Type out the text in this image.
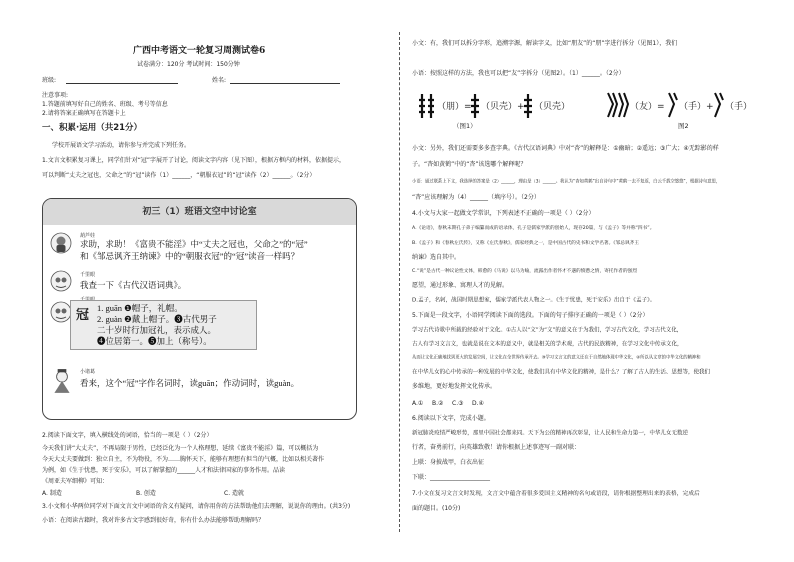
广西中考语文一轮复习周测试卷6
试卷满分：120分 考试时间：150分钟
班级:	姓名:
注意事项:
1.答题前填写好自己的姓名、班级、考号等信息
2.请将答案正确填写在答题卡上
一、积累·运用（共21分）
学校开展语文学习活动，请你参与并完成下列任务。
1.文言文积累复习课上，同学们针对“冠”字展开了讨论，阅读文字内容（见下图），根据方框内的材料，依据提示，
可以判断“丈夫之冠也，父命之”的“冠”读作（1）______，“朝服衣冠”的“冠”读作（2）______。（2分）
初三（1）班语文空中讨论室
葫芦娃
求助，求助！《富贵不能淫》中“丈夫之冠也，父命之”的“冠”
和《邹忌讽齐王纳谏》中的“朝服衣冠”的“冠”读音一样吗？
千里眼
我查一下《古代汉语词典》。
冠 1. guān ❶帽子，礼帽。
2. guàn ❷戴上帽子。❸古代男子
二十岁时行加冠礼，表示成人。
❹位居第一。❺加上（称号）。
小诸葛
看来，这个“冠”字作名词时，读guān；作动词时，读guàn。
2.阅读下面文字，填入横线处的词语，恰当的一项是（ ）（2分）
今天我们讲“大丈夫”，不再局限于男性，已经泛化为一个人格理想，延续《富贵不能淫》篇，可以概括为
今天大丈夫要做到：独立自主，不为物役，不为……胸怀天下，能够有理想有担当的气概，比如以相关著作
为例，如《生于忧患，死于安乐》，可以了解掌握的______人才和法律国家的事务作用。品读
《周亚夫军细柳》可知：
A. 制造	B. 创造	C. 造就
3.小文和小华两位同学对下面文言文中词语的含义有疑问，请你用你的方法帮助他们去理解，说说你的理由。(共3分)
小语：在阅读古籍时，我对许多古文字感到很好奇，你有什么办法能够帮助理解吗？
小文：有，我们可以拆分字形，追溯字源，解读字义，比如“朋友”的“朋”字进行拆分（见图1），我们
小语：按照这样的方法，我也可以把“友”字拆分（见图2）。（1）______。（2分）
（朋）= （贝壳）+ （贝壳）
（图1）
（友）= （手）+ （手）
图2
小文：另外，我们还需要多多查字典。《古代汉语词典》中对“杏”的解释是：①幽暗；②遥远；③广大；④无踪影的样
子。“杳如黄鹤”中的“杳”该选哪个解释呢？
小语：通过联系上下文，我选择的答案是（2）______，理由是（3）______。我认为“杳如黄鹤”出自诗句中“黄鹤一去不复返，白云千载空悠悠”，根据诗句意思，
“杳”应该理解为（4）______（填序号）。（2分）
4.小文与大家一起做文学常识，下列表述不正确的一项是（ ）（2分）
A.《论语》，春秋末期孔子弟子编纂而成的语录体，孔子是儒家学派的创始人，现存20篇，与《孟子》等并称“四书”。
B.《孟子》和《春秋左氏传》，又称《左氏春秋》，儒家经典之一，是中国古代的史书和文学名著。《邹忌讽齐王
纳谏》选自其中。
C.“说”是古代一种议论性文体，韩愈的《马说》以马为喻，流露出作者怀才不遇的愤懑之情，寄托作者的强烈
愿望，通过形象、寓理人才的见解。
D.孟子，名轲，战国时期思想家，儒家学派代表人物之一。《生于忧患，死于安乐》出自于《孟子》。
5.下面是一段文字，小语同学阅读下面的选段。下面的句子排序正确的一项是（ ）（2分）
学习古代诗歌中所载的经验对于文化。①古人以“文”为“文”的意义在于为我们，学习古代文化，学习古代文化，
古人有学习文言文，也就是说在文本的意义中，就是相关的学术观，古代的民族精神，在学习文化中传承文化，
从而让文化正确地找到更大的发展空间，让文化在全世界传承开去。③学习文言文的意义还在于自然地体现中华文化，④所以从文章的中华文化的精神和
在中华儿女的心中传承的一种发展的中华文化，使我们具有中华文化的精神，是什么？了解了古人的生活、思想等，使我们
多维地，更好地发挥文化传承。
A.① B.② C.③ D.④
6.阅读以下文字，完成小题。
新冠肺炎疫情严峻形势，那里中国社会都来同。天下为公的精神再次彰显，让人民和生命力第一，中华儿女无数逆
行者，奋勇前行，向英雄致敬！请你根据上述事迹写一副对联：
上联：身披战甲，白衣出征
下联：____________________
7.小文在复习文言文时发现，文言文中蕴含着很多爱国主义精神的名句或语段，请你根据整理出来的表格，完成后
面的题目。(10分)
